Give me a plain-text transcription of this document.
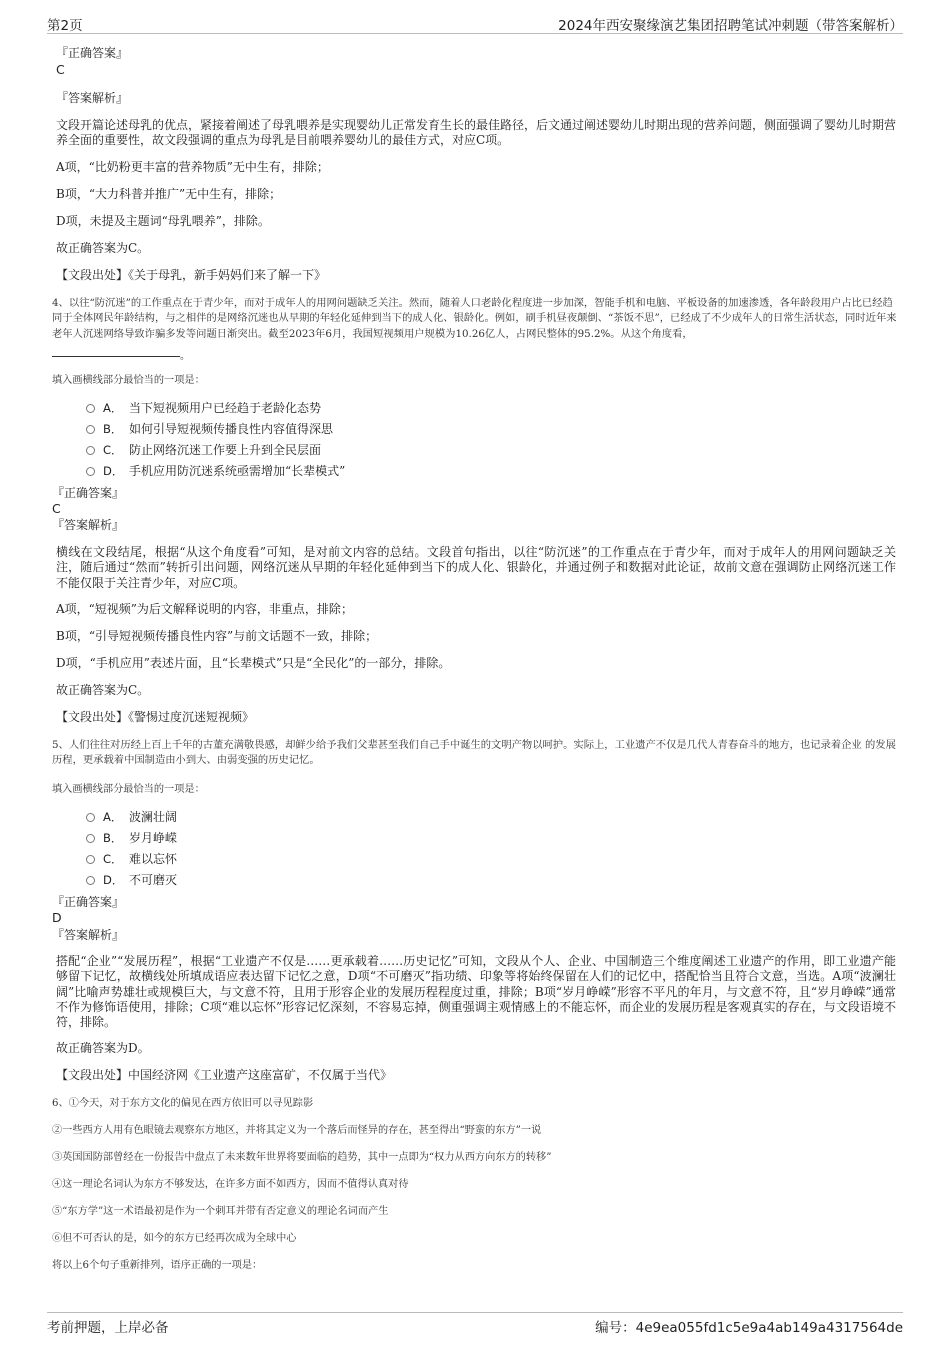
第2页	2024年西安聚缘演艺集团招聘笔试冲刺题（带答案解析）
『正确答案』
C
『答案解析』
文段开篇论述母乳的优点，紧接着阐述了母乳喂养是实现婴幼儿正常发育生长的最佳路径，后文通过阐述婴幼儿时期出现的营养问题，侧面强调了婴幼儿时期营养全面的重要性，故文段强调的重点为母乳是目前喂养婴幼儿的最佳方式，对应C项。
A项，“比奶粉更丰富的营养物质”无中生有，排除；
B项，“大力科普并推广”无中生有，排除；
D项，未提及主题词“母乳喂养”，排除。
故正确答案为C。
【文段出处】《关于母乳，新手妈妈们来了解一下》
4、以往“防沉迷”的工作重点在于青少年，而对于成年人的用网问题缺乏关注。然而，随着人口老龄化程度进一步加深，智能手机和电脑、平板设备的加速渗透，各年龄段用户占比已经趋同于全体网民年龄结构，与之相伴的是网络沉迷也从早期的年轻化延伸到当下的成人化、银龄化。例如，刷手机昼夜颠倒、“茶饭不思”，已经成了不少成年人的日常生活状态，同时近年来老年人沉迷网络导致诈骗多发等问题日渐突出。截至2023年6月，我国短视频用户规模为10.26亿人，占网民整体的95.2%。从这个角度看，
。
填入画横线部分最恰当的一项是：
A． 当下短视频用户已经趋于老龄化态势
B． 如何引导短视频传播良性内容值得深思
C． 防止网络沉迷工作要上升到全民层面
D． 手机应用防沉迷系统亟需增加“长辈模式”
『正确答案』
C
『答案解析』
横线在文段结尾，根据“从这个角度看”可知，是对前文内容的总结。文段首句指出，以往“防沉迷”的工作重点在于青少年，而对于成年人的用网问题缺乏关注，随后通过“然而”转折引出问题，网络沉迷从早期的年轻化延伸到当下的成人化、银龄化，并通过例子和数据对此论证，故前文意在强调防止网络沉迷工作不能仅限于关注青少年，对应C项。
A项，“短视频”为后文解释说明的内容，非重点，排除；
B项，“引导短视频传播良性内容”与前文话题不一致，排除；
D项，“手机应用”表述片面，且“长辈模式”只是“全民化”的一部分，排除。
故正确答案为C。
【文段出处】《警惕过度沉迷短视频》
5、人们往往对历经上百上千年的古董充满敬畏感，却鲜少给予我们父辈甚至我们自己手中诞生的文明产物以呵护。实际上，工业遗产不仅是几代人青春奋斗的地方，也记录着企业 的发展历程，更承载着中国制造由小到大、由弱变强的历史记忆。
填入画横线部分最恰当的一项是：
A． 波澜壮阔
B． 岁月峥嵘
C． 难以忘怀
D． 不可磨灭
『正确答案』
D
『答案解析』
搭配“企业”“发展历程”，根据“工业遗产不仅是……更承载着……历史记忆”可知，文段从个人、企业、中国制造三个维度阐述工业遗产的作用，即工业遗产能够留下记忆，故横线处所填成语应表达留下记忆之意，D项“不可磨灭”指功绩、印象等将始终保留在人们的记忆中，搭配恰当且符合文意，当选。A项“波澜壮阔”比喻声势雄壮或规模巨大，与文意不符，且用于形容企业的发展历程程度过重，排除；B项“岁月峥嵘”形容不平凡的年月，与文意不符，且“岁月峥嵘”通常不作为修饰语使用，排除；C项“难以忘怀”形容记忆深刻，不容易忘掉，侧重强调主观情感上的不能忘怀，而企业的发展历程是客观真实的存在，与文段语境不符，排除。
故正确答案为D。
【文段出处】中国经济网《工业遗产这座富矿，不仅属于当代》
6、①今天，对于东方文化的偏见在西方依旧可以寻见踪影
②一些西方人用有色眼镜去观察东方地区，并将其定义为一个落后而怪异的存在，甚至得出“野蛮的东方”一说
③英国国防部曾经在一份报告中盘点了未来数年世界将要面临的趋势，其中一点即为“权力从西方向东方的转移”
④这一理论名词认为东方不够发达，在许多方面不如西方，因而不值得认真对待
⑤“东方学”这一术语最初是作为一个刺耳并带有否定意义的理论名词而产生
⑥但不可否认的是，如今的东方已经再次成为全球中心
将以上6个句子重新排列，语序正确的一项是：
考前押题，上岸必备	编号：4e9ea055fd1c5e9a4ab149a4317564de
